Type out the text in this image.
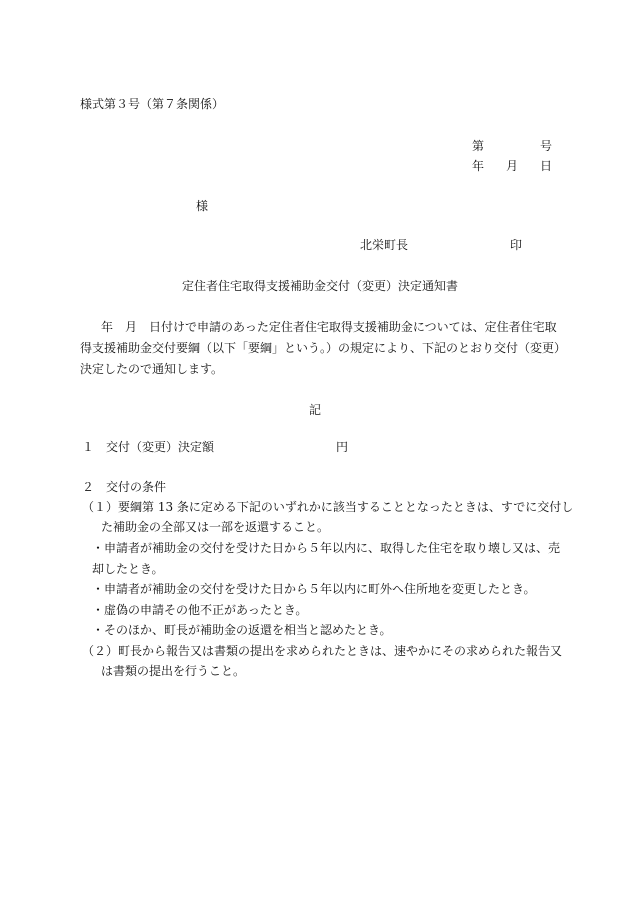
様式第３号（第７条関係）
第	号
年 月 日
様
北栄町長	印
定住者住宅取得支援補助金交付（変更）決定通知書
年　月　日付けで申請のあった定住者住宅取得支援補助金については、定住者住宅取
得支援補助金交付要綱（以下「要綱」という。）の規定により、下記のとおり交付（変更）
決定したので通知します。
記
１　交付（変更）決定額	円
２　交付の条件
（１）要綱第 13 条に定める下記のいずれかに該当することとなったときは、すでに交付し
た補助金の全部又は一部を返還すること。
・申請者が補助金の交付を受けた日から５年以内に、取得した住宅を取り壊し又は、売
却したとき。
・申請者が補助金の交付を受けた日から５年以内に町外へ住所地を変更したとき。
・虚偽の申請その他不正があったとき。
・そのほか、町長が補助金の返還を相当と認めたとき。
（２）町長から報告又は書類の提出を求められたときは、速やかにその求められた報告又
は書類の提出を行うこと。
